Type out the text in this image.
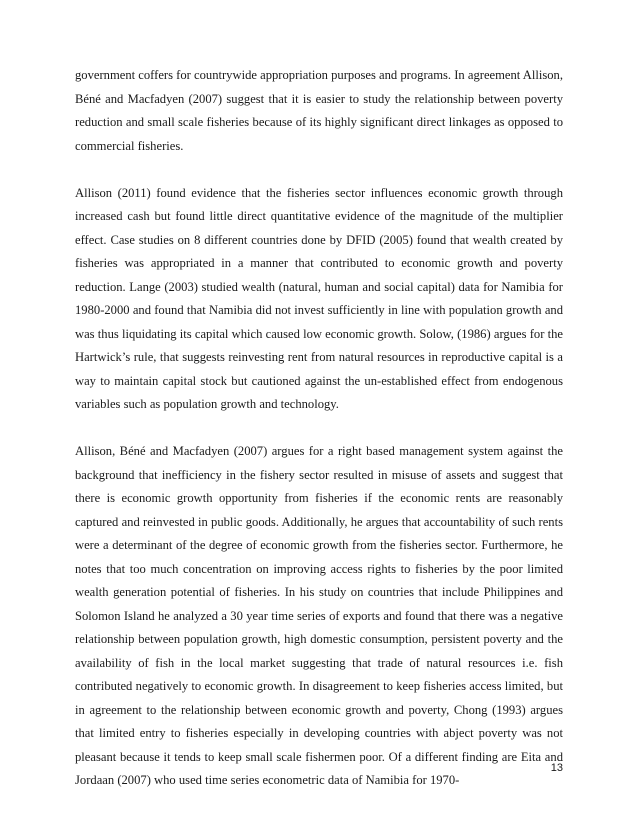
government coffers for countrywide appropriation purposes and programs. In agreement Allison, Béné and Macfadyen (2007) suggest that it is easier to study the relationship between poverty reduction and small scale fisheries because of its highly significant direct linkages as opposed to commercial fisheries.

Allison (2011) found evidence that the fisheries sector influences economic growth through increased cash but found little direct quantitative evidence of the magnitude of the multiplier effect. Case studies on 8 different countries done by DFID (2005) found that wealth created by fisheries was appropriated in a manner that contributed to economic growth and poverty reduction. Lange (2003) studied wealth (natural, human and social capital) data for Namibia for 1980-2000 and found that Namibia did not invest sufficiently in line with population growth and was thus liquidating its capital which caused low economic growth. Solow, (1986) argues for the Hartwick’s rule, that suggests reinvesting rent from natural resources in reproductive capital is a way to maintain capital stock but cautioned against the un-established effect from endogenous variables such as population growth and technology.

Allison, Béné and Macfadyen (2007) argues for a right based management system against the background that inefficiency in the fishery sector resulted in misuse of assets and suggest that there is economic growth opportunity from fisheries if the economic rents are reasonably captured and reinvested in public goods. Additionally, he argues that accountability of such rents were a determinant of the degree of economic growth from the fisheries sector. Furthermore, he notes that too much concentration on improving access rights to fisheries by the poor limited wealth generation potential of fisheries. In his study on countries that include Philippines and Solomon Island he analyzed a 30 year time series of exports and found that there was a negative relationship between population growth, high domestic consumption, persistent poverty and the availability of fish in the local market suggesting that trade of natural resources i.e. fish contributed negatively to economic growth. In disagreement to keep fisheries access limited, but in agreement to the relationship between economic growth and poverty, Chong (1993) argues that limited entry to fisheries especially in developing countries with abject poverty was not pleasant because it tends to keep small scale fishermen poor. Of a different finding are Eita and Jordaan (2007) who used time series econometric data of Namibia for 1970-

13
